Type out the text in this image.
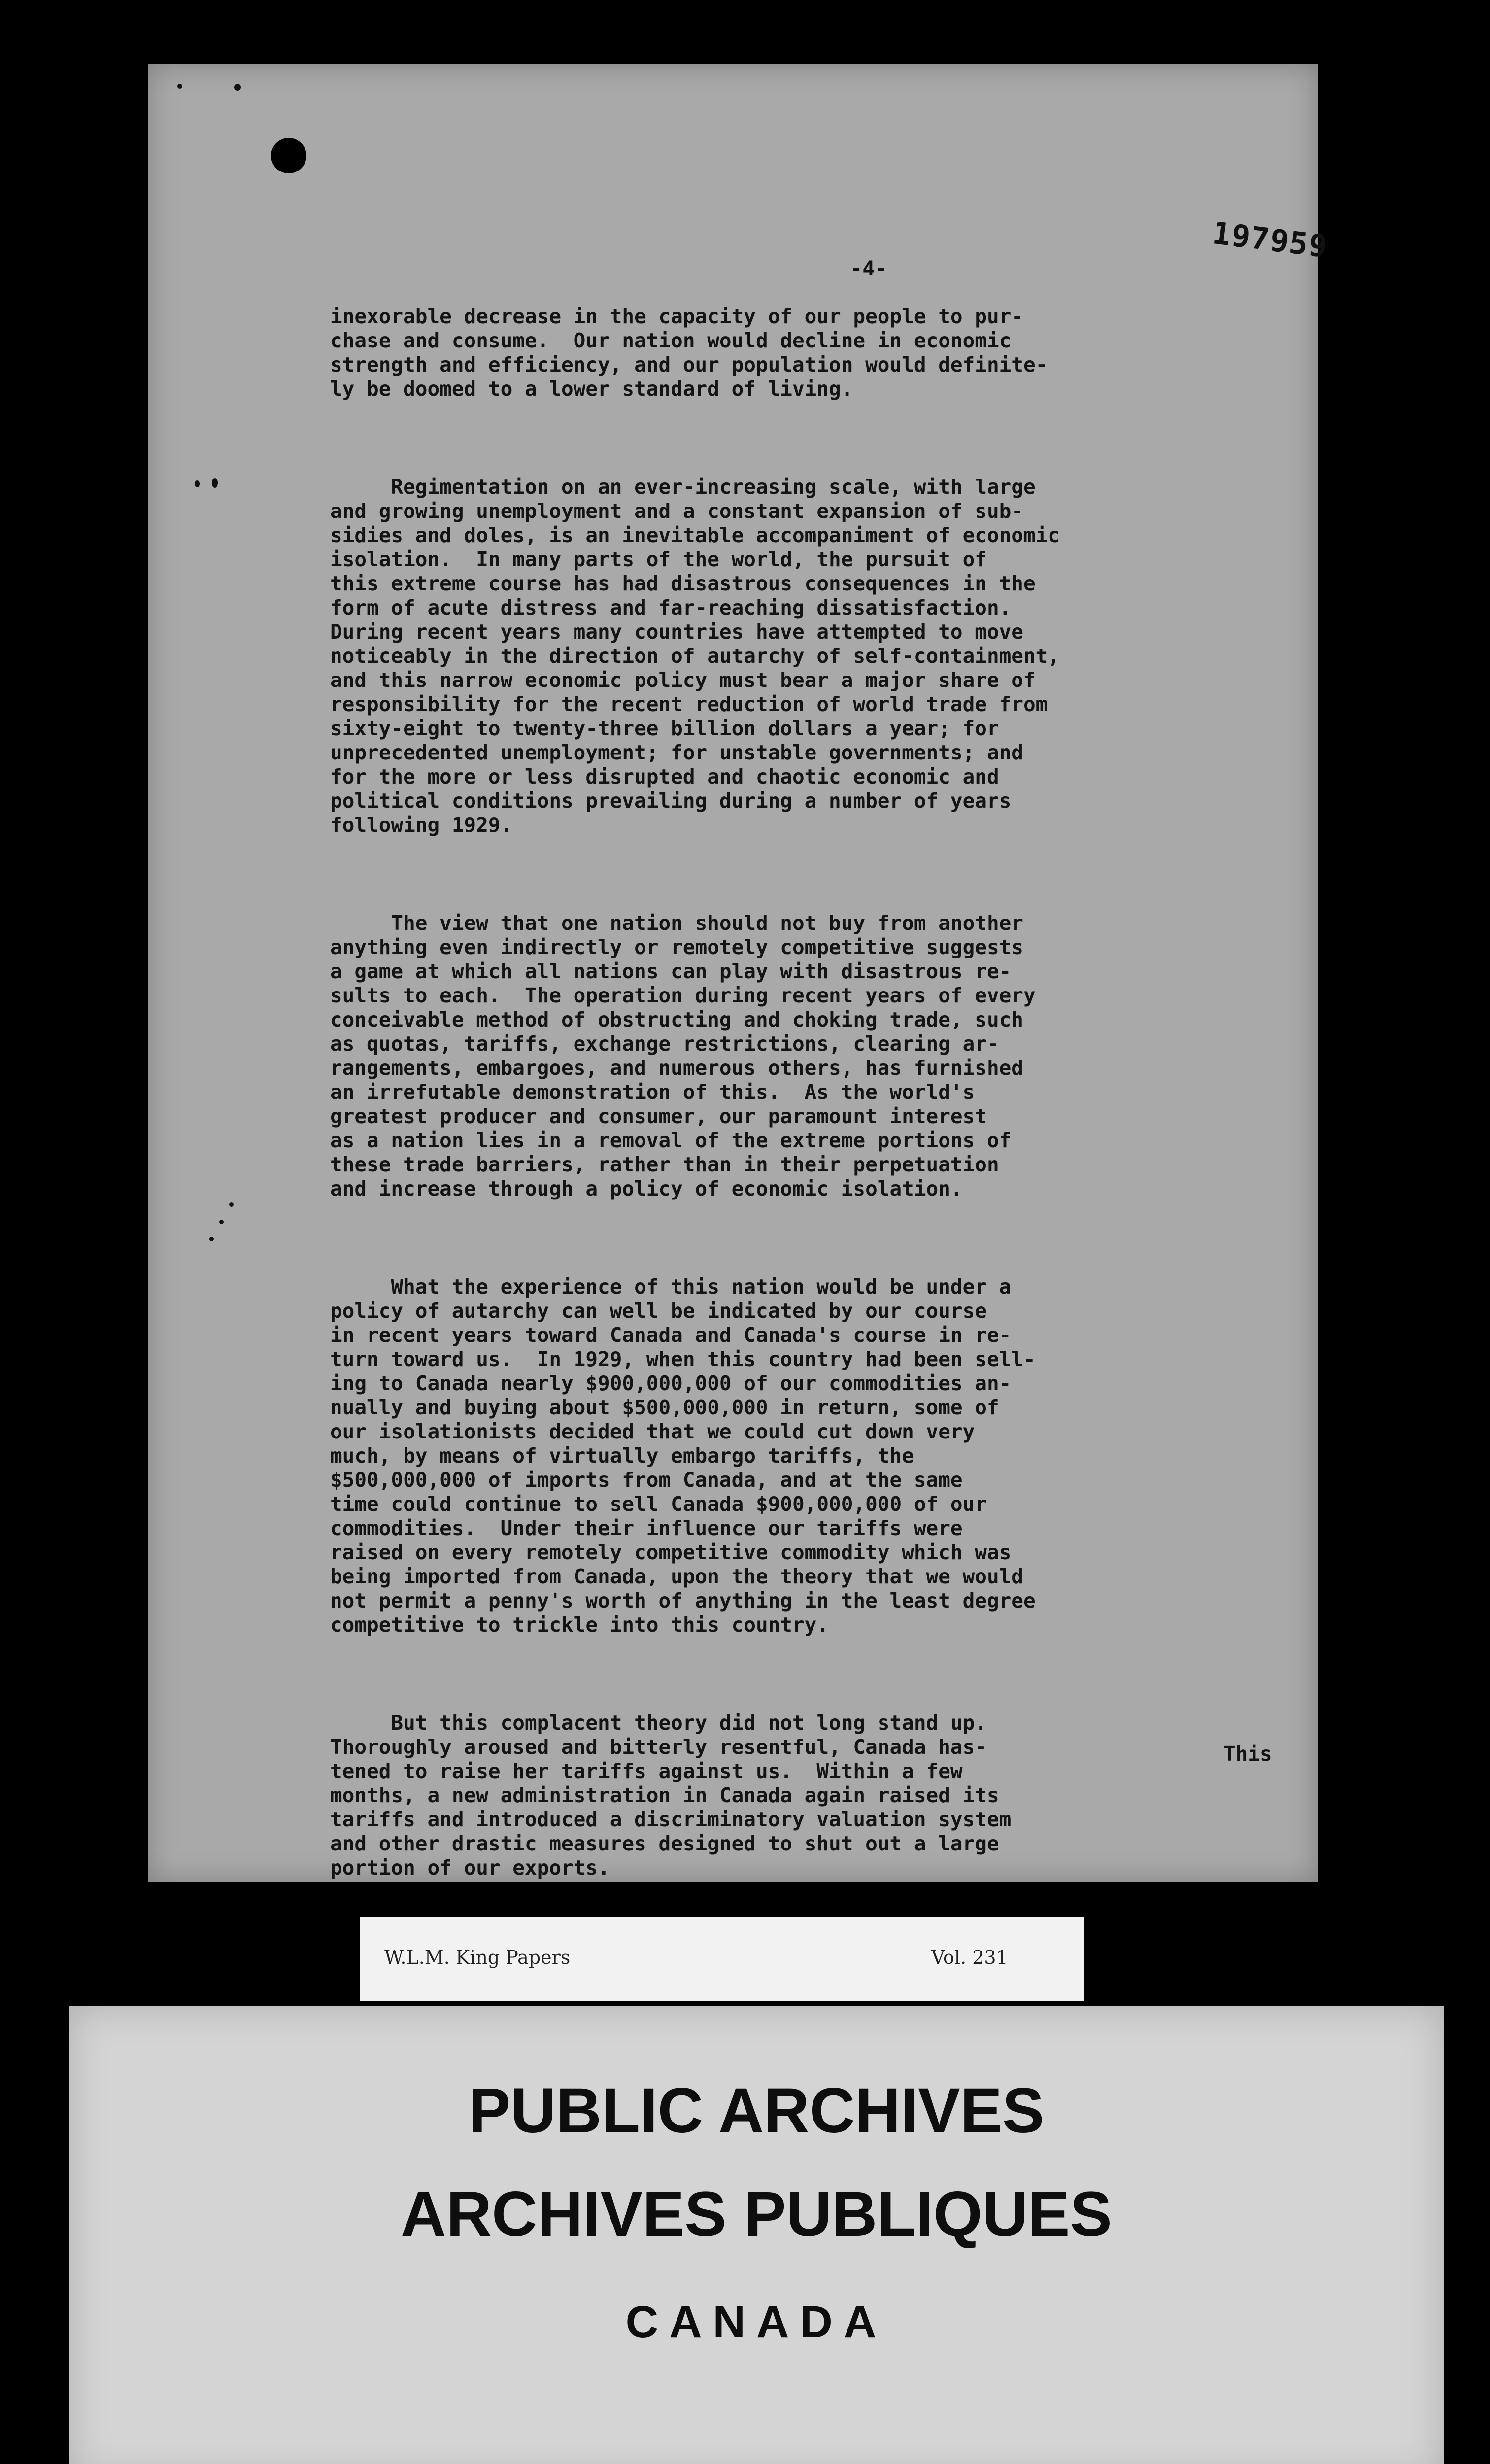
-4-
197959
This

inexorable decrease in the capacity of our people to pur-
chase and consume.  Our nation would decline in economic
strength and efficiency, and our population would definite-
ly be doomed to a lower standard of living.

Regimentation on an ever-increasing scale, with large
and growing unemployment and a constant expansion of sub-
sidies and doles, is an inevitable accompaniment of economic
isolation.  In many parts of the world, the pursuit of
this extreme course has had disastrous consequences in the
form of acute distress and far-reaching dissatisfaction.
During recent years many countries have attempted to move
noticeably in the direction of autarchy of self-containment,
and this narrow economic policy must bear a major share of
responsibility for the recent reduction of world trade from
sixty-eight to twenty-three billion dollars a year; for
unprecedented unemployment; for unstable governments; and
for the more or less disrupted and chaotic economic and
political conditions prevailing during a number of years
following 1929.

The view that one nation should not buy from another
anything even indirectly or remotely competitive suggests
a game at which all nations can play with disastrous re-
sults to each.  The operation during recent years of every
conceivable method of obstructing and choking trade, such
as quotas, tariffs, exchange restrictions, clearing ar-
rangements, embargoes, and numerous others, has furnished
an irrefutable demonstration of this.  As the world's
greatest producer and consumer, our paramount interest
as a nation lies in a removal of the extreme portions of
these trade barriers, rather than in their perpetuation
and increase through a policy of economic isolation.

What the experience of this nation would be under a
policy of autarchy can well be indicated by our course
in recent years toward Canada and Canada's course in re-
turn toward us.  In 1929, when this country had been sell-
ing to Canada nearly $900,000,000 of our commodities an-
nually and buying about $500,000,000 in return, some of
our isolationists decided that we could cut down very
much, by means of virtually embargo tariffs, the
$500,000,000 of imports from Canada, and at the same
time could continue to sell Canada $900,000,000 of our
commodities.  Under their influence our tariffs were
raised on every remotely competitive commodity which was
being imported from Canada, upon the theory that we would
not permit a penny's worth of anything in the least degree
competitive to trickle into this country.

But this complacent theory did not long stand up.
Thoroughly aroused and bitterly resentful, Canada has-
tened to raise her tariffs against us.  Within a few
months, a new administration in Canada again raised its
tariffs and introduced a discriminatory valuation system
and other drastic measures designed to shut out a large
portion of our exports.

W.L.M. King Papers	Vol. 231
PUBLIC ARCHIVES
ARCHIVES PUBLIQUES
CANADA
